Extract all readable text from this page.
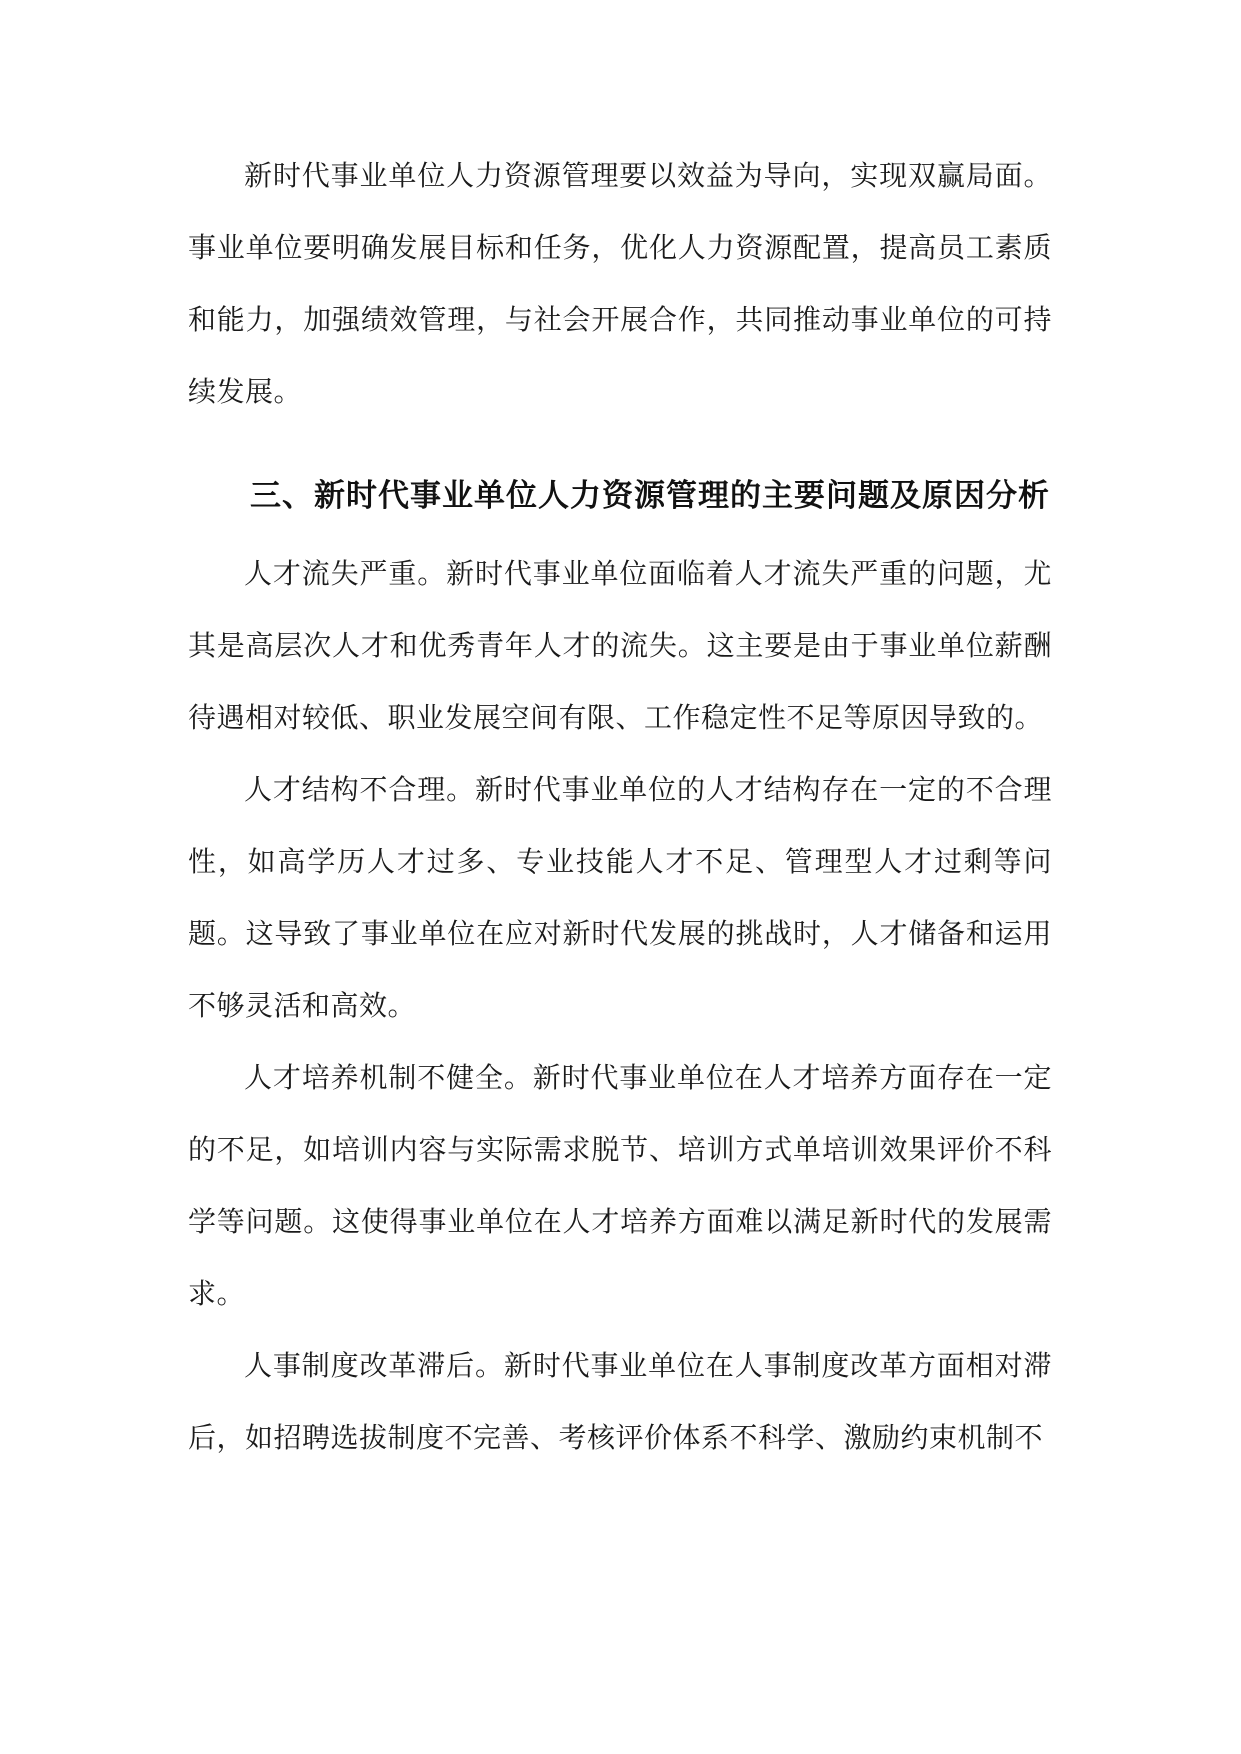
新时代事业单位人力资源管理要以效益为导向，实现双赢局面。事业单位要明确发展目标和任务，优化人力资源配置，提高员工素质和能力，加强绩效管理，与社会开展合作，共同推动事业单位的可持续发展。

三、新时代事业单位人力资源管理的主要问题及原因分析

人才流失严重。新时代事业单位面临着人才流失严重的问题，尤其是高层次人才和优秀青年人才的流失。这主要是由于事业单位薪酬待遇相对较低、职业发展空间有限、工作稳定性不足等原因导致的。

人才结构不合理。新时代事业单位的人才结构存在一定的不合理性，如高学历人才过多、专业技能人才不足、管理型人才过剩等问题。这导致了事业单位在应对新时代发展的挑战时，人才储备和运用不够灵活和高效。

人才培养机制不健全。新时代事业单位在人才培养方面存在一定的不足，如培训内容与实际需求脱节、培训方式单培训效果评价不科学等问题。这使得事业单位在人才培养方面难以满足新时代的发展需求。

人事制度改革滞后。新时代事业单位在人事制度改革方面相对滞后，如招聘选拔制度不完善、考核评价体系不科学、激励约束机制不
